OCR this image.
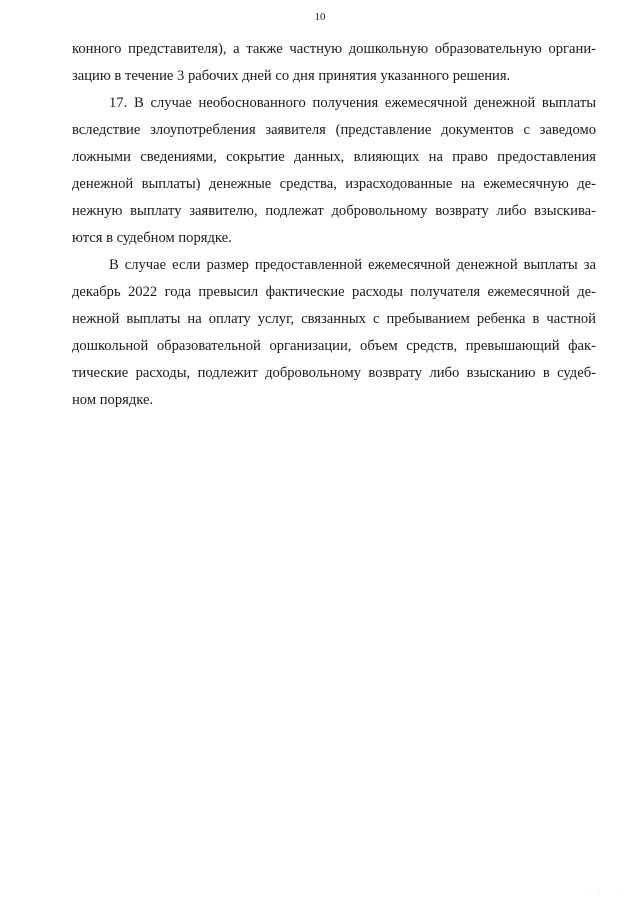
10
конного представителя), а также частную дошкольную образовательную органи-
зацию в течение 3 рабочих дней со дня принятия указанного решения.
17. В случае необоснованного получения ежемесячной денежной выплаты
вследствие злоупотребления заявителя (представление документов с заведомо
ложными сведениями, сокрытие данных, влияющих на право предоставления
денежной выплаты) денежные средства, израсходованные на ежемесячную де-
нежную выплату заявителю, подлежат добровольному возврату либо взыскива-
ются в судебном порядке.
В случае если размер предоставленной ежемесячной денежной выплаты за
декабрь 2022 года превысил фактические расходы получателя ежемесячной де-
нежной выплаты на оплату услуг, связанных с пребыванием ребенка в частной
дошкольной образовательной организации, объем средств, превышающий фак-
тические расходы, подлежит добровольному возврату либо взысканию в судеб-
ном порядке.
· ·   ·
